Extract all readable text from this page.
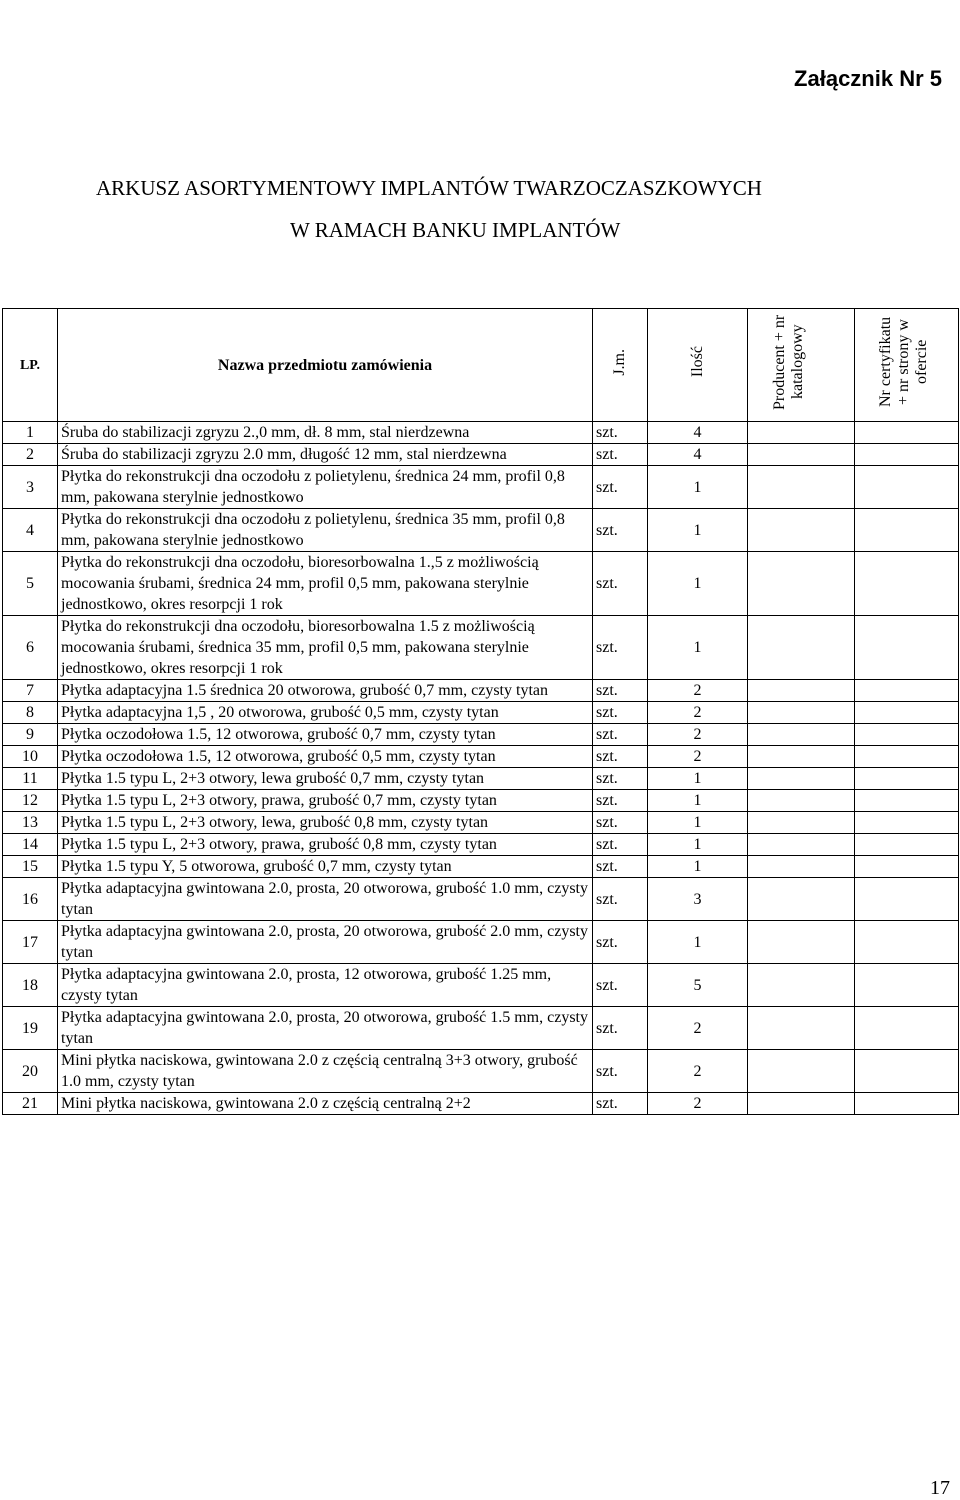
Sprawa Nr 29/2011
Załącznik Nr 5
ARKUSZ ASORTYMENTOWY IMPLANTÓW TWARZOCZASZKOWYCH
W RAMACH BANKU IMPLANTÓW
LP.	Nazwa przedmiotu zamówienia	J.m.	Ilość	Producent + nr katalogowy	Nr certyfikatu + nr strony w ofercie
1	Śruba do stabilizacji zgryzu 2.,0 mm, dł. 8 mm, stal nierdzewna	szt.	4		
2	Śruba do stabilizacji zgryzu 2.0 mm, długość 12 mm, stal nierdzewna	szt.	4		
3	Płytka do rekonstrukcji dna oczodołu z polietylenu, średnica 24 mm, profil 0,8 mm, pakowana sterylnie jednostkowo	szt.	1		
4	Płytka do rekonstrukcji dna oczodołu z polietylenu, średnica 35 mm, profil 0,8 mm, pakowana sterylnie jednostkowo	szt.	1		
5	Płytka do rekonstrukcji dna oczodołu, bioresorbowalna 1.,5 z możliwością mocowania śrubami, średnica 24 mm, profil 0,5 mm, pakowana sterylnie jednostkowo, okres resorpcji 1 rok	szt.	1		
6	Płytka do rekonstrukcji dna oczodołu, bioresorbowalna 1.5 z możliwością mocowania śrubami, średnica 35 mm, profil 0,5 mm, pakowana sterylnie jednostkowo, okres resorpcji 1 rok	szt.	1		
7	Płytka adaptacyjna 1.5 średnica 20 otworowa, grubość 0,7 mm, czysty tytan	szt.	2		
8	Płytka adaptacyjna 1,5 , 20 otworowa, grubość 0,5 mm, czysty tytan	szt.	2		
9	Płytka oczodołowa 1.5, 12 otworowa, grubość 0,7 mm, czysty tytan	szt.	2		
10	Płytka oczodołowa 1.5, 12 otworowa, grubość 0,5 mm, czysty tytan	szt.	2		
11	Płytka 1.5 typu L, 2+3 otwory, lewa grubość 0,7 mm, czysty tytan	szt.	1		
12	Płytka 1.5 typu L, 2+3 otwory, prawa, grubość 0,7 mm, czysty tytan	szt.	1		
13	Płytka 1.5 typu L, 2+3 otwory, lewa, grubość 0,8 mm, czysty tytan	szt.	1		
14	Płytka 1.5 typu L, 2+3 otwory, prawa, grubość 0,8 mm, czysty tytan	szt.	1		
15	Płytka 1.5 typu Y, 5 otworowa, grubość 0,7 mm, czysty tytan	szt.	1		
16	Płytka adaptacyjna gwintowana 2.0, prosta, 20 otworowa, grubość 1.0 mm, czysty tytan	szt.	3		
17	Płytka adaptacyjna gwintowana 2.0, prosta, 20 otworowa, grubość 2.0 mm, czysty tytan	szt.	1		
18	Płytka adaptacyjna gwintowana 2.0, prosta, 12 otworowa, grubość 1.25 mm, czysty tytan	szt.	5		
19	Płytka adaptacyjna gwintowana 2.0, prosta, 20 otworowa, grubość 1.5 mm, czysty tytan	szt.	2		
20	Mini płytka naciskowa, gwintowana 2.0 z częścią centralną 3+3 otwory, grubość 1.0 mm, czysty tytan	szt.	2		
21	Mini płytka naciskowa, gwintowana 2.0 z częścią centralną 2+2	szt.	2		
17
